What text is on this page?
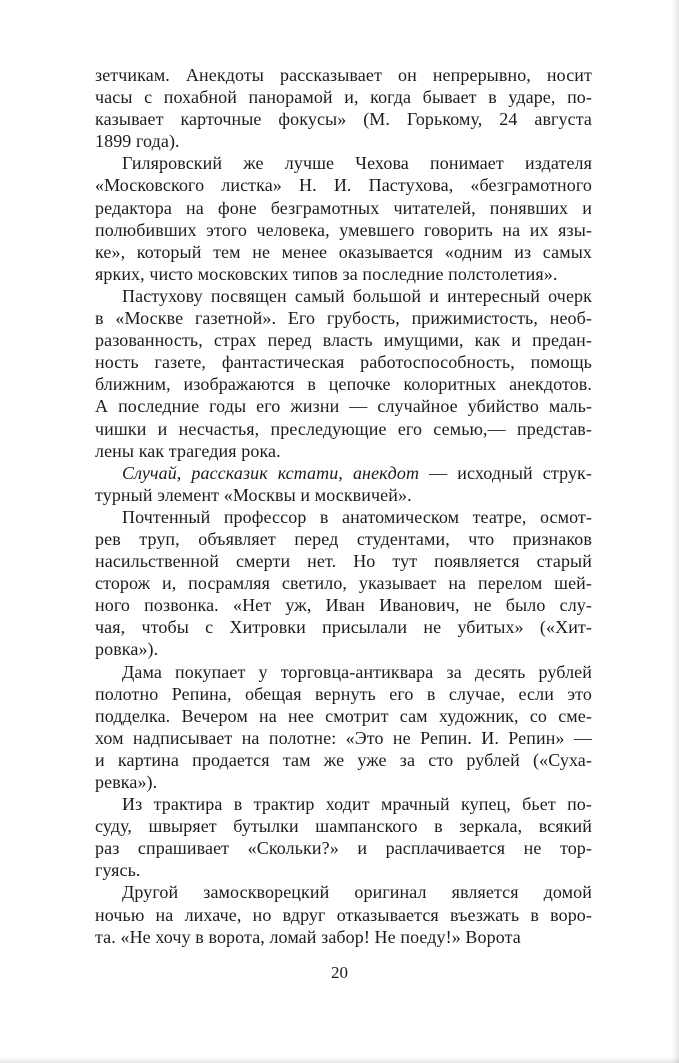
зетчикам. Анекдоты рассказывает он непрерывно, носит
часы с похабной панорамой и, когда бывает в ударе, по-
казывает карточные фокусы» (М. Горькому, 24 августа
1899 года).
Гиляровский же лучше Чехова понимает издателя
«Московского листка» Н. И. Пастухова, «безграмотного
редактора на фоне безграмотных читателей, понявших и
полюбивших этого человека, умевшего говорить на их язы-
ке», который тем не менее оказывается «одним из самых
ярких, чисто московских типов за последние полстолетия».
Пастухову посвящен самый большой и интересный очерк
в «Москве газетной». Его грубость, прижимистость, необ-
разованность, страх перед власть имущими, как и предан-
ность газете, фантастическая работоспособность, помощь
ближним, изображаются в цепочке колоритных анекдотов.
А последние годы его жизни — случайное убийство маль-
чишки и несчастья, преследующие его семью,— представ-
лены как трагедия рока.
Случай, рассказик кстати, анекдот — исходный струк-
турный элемент «Москвы и москвичей».
Почтенный профессор в анатомическом театре, осмот-
рев труп, объявляет перед студентами, что признаков
насильственной смерти нет. Но тут появляется старый
сторож и, посрамляя светило, указывает на перелом шей-
ного позвонка. «Нет уж, Иван Иванович, не было слу-
чая, чтобы с Хитровки присылали не убитых» («Хит-
ровка»).
Дама покупает у торговца-антиквара за десять рублей
полотно Репина, обещая вернуть его в случае, если это
подделка. Вечером на нее смотрит сам художник, со сме-
хом надписывает на полотне: «Это не Репин. И. Репин» —
и картина продается там же уже за сто рублей («Суха-
ревка»).
Из трактира в трактир ходит мрачный купец, бьет по-
суду, швыряет бутылки шампанского в зеркала, всякий
раз спрашивает «Скольки?» и расплачивается не тор-
гуясь.
Другой замоскворецкий оригинал является домой
ночью на лихаче, но вдруг отказывается въезжать в воро-
та. «Не хочу в ворота, ломай забор! Не поеду!» Ворота
20
